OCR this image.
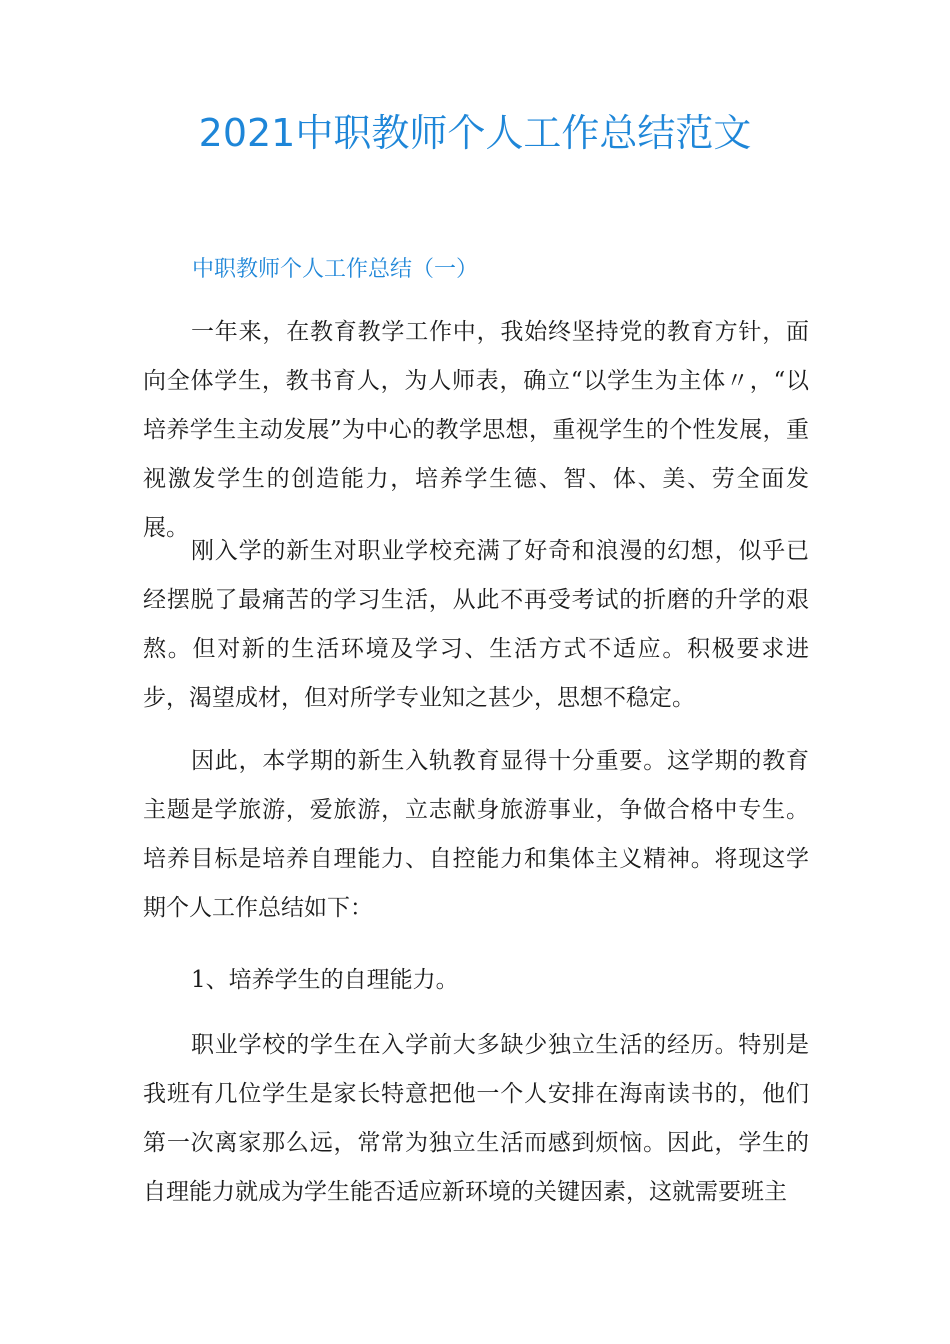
2021中职教师个人工作总结范文
中职教师个人工作总结（一）

一年来，在教育教学工作中，我始终坚持党的教育方针，面向全体学生，教书育人，为人师表，确立“以学生为主体〃，“以培养学生主动发展”为中心的教学思想，重视学生的个性发展，重视激发学生的创造能力，培养学生德、智、体、美、劳全面发展。

刚入学的新生对职业学校充满了好奇和浪漫的幻想，似乎已经摆脱了最痛苦的学习生活，从此不再受考试的折磨的升学的艰熬。但对新的生活环境及学习、生活方式不适应。积极要求进步，渴望成材，但对所学专业知之甚少，思想不稳定。

因此，本学期的新生入轨教育显得十分重要。这学期的教育主题是学旅游，爱旅游，立志献身旅游事业，争做合格中专生。培养目标是培养自理能力、自控能力和集体主义精神。将现这学期个人工作总结如下：

1、培养学生的自理能力。

职业学校的学生在入学前大多缺少独立生活的经历。特别是我班有几位学生是家长特意把他一个人安排在海南读书的，他们第一次离家那么远，常常为独立生活而感到烦恼。因此，学生的自理能力就成为学生能否适应新环境的关键因素，这就需要班主
